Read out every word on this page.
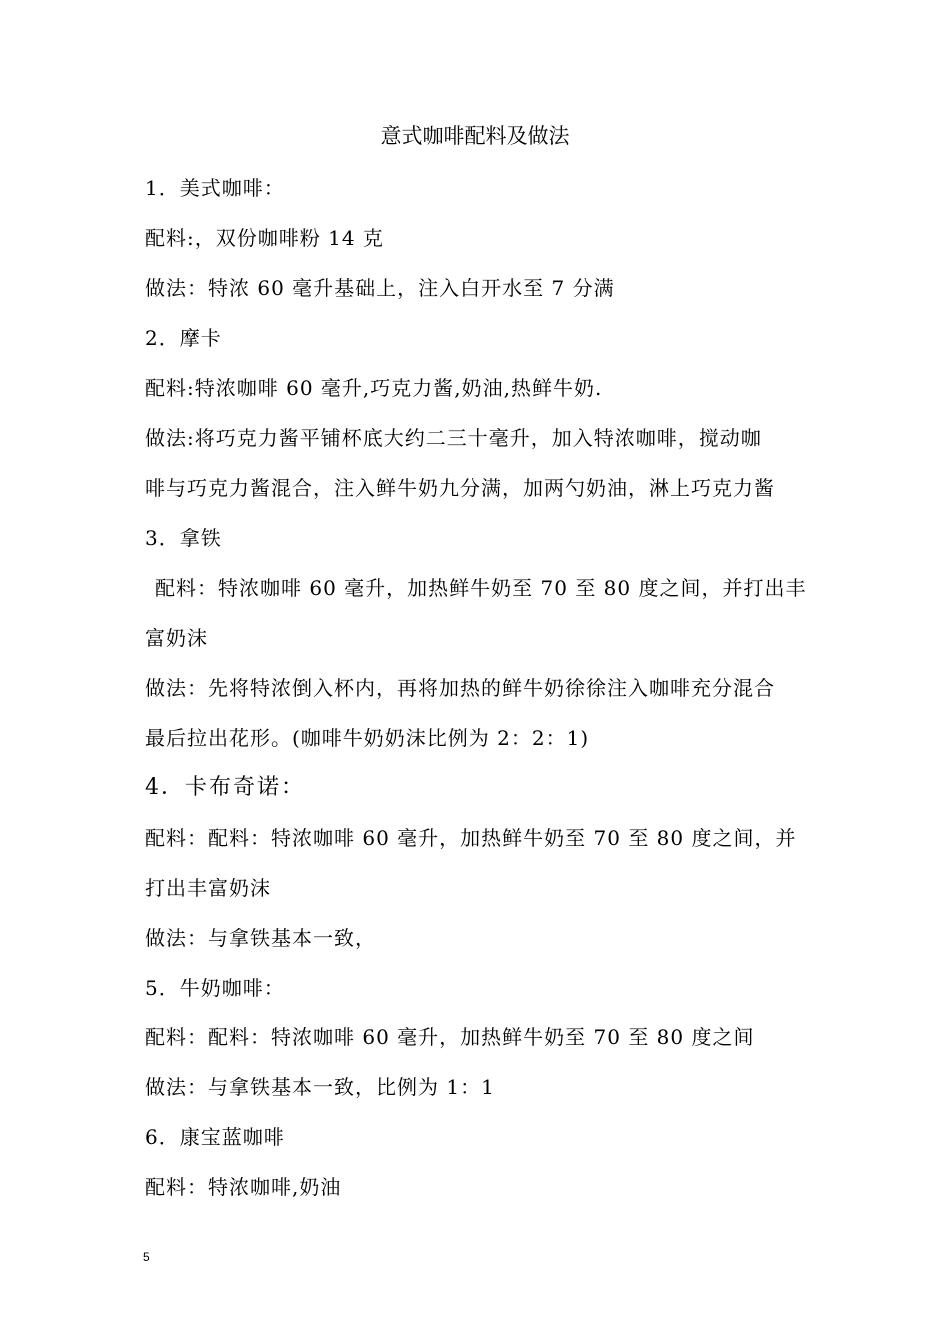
意式咖啡配料及做法
1．美式咖啡：
配料:，双份咖啡粉 14 克
做法：特浓 60 毫升基础上，注入白开水至 7 分满
2．摩卡
配料:特浓咖啡 60 毫升,巧克力酱,奶油,热鲜牛奶.
做法:将巧克力酱平铺杯底大约二三十毫升，加入特浓咖啡，搅动咖
啡与巧克力酱混合，注入鲜牛奶九分满，加两勺奶油，淋上巧克力酱
3．拿铁
配料：特浓咖啡 60 毫升，加热鲜牛奶至 70 至 80 度之间，并打出丰
富奶沫
做法：先将特浓倒入杯内，再将加热的鲜牛奶徐徐注入咖啡充分混合
最后拉出花形。(咖啡牛奶奶沫比例为 2：2：1)
4．卡布奇诺：
配料：配料：特浓咖啡 60 毫升，加热鲜牛奶至 70 至 80 度之间，并
打出丰富奶沫
做法：与拿铁基本一致，
5．牛奶咖啡：
配料：配料：特浓咖啡 60 毫升，加热鲜牛奶至 70 至 80 度之间
做法：与拿铁基本一致，比例为 1：1
6．康宝蓝咖啡
配料：特浓咖啡,奶油
5
